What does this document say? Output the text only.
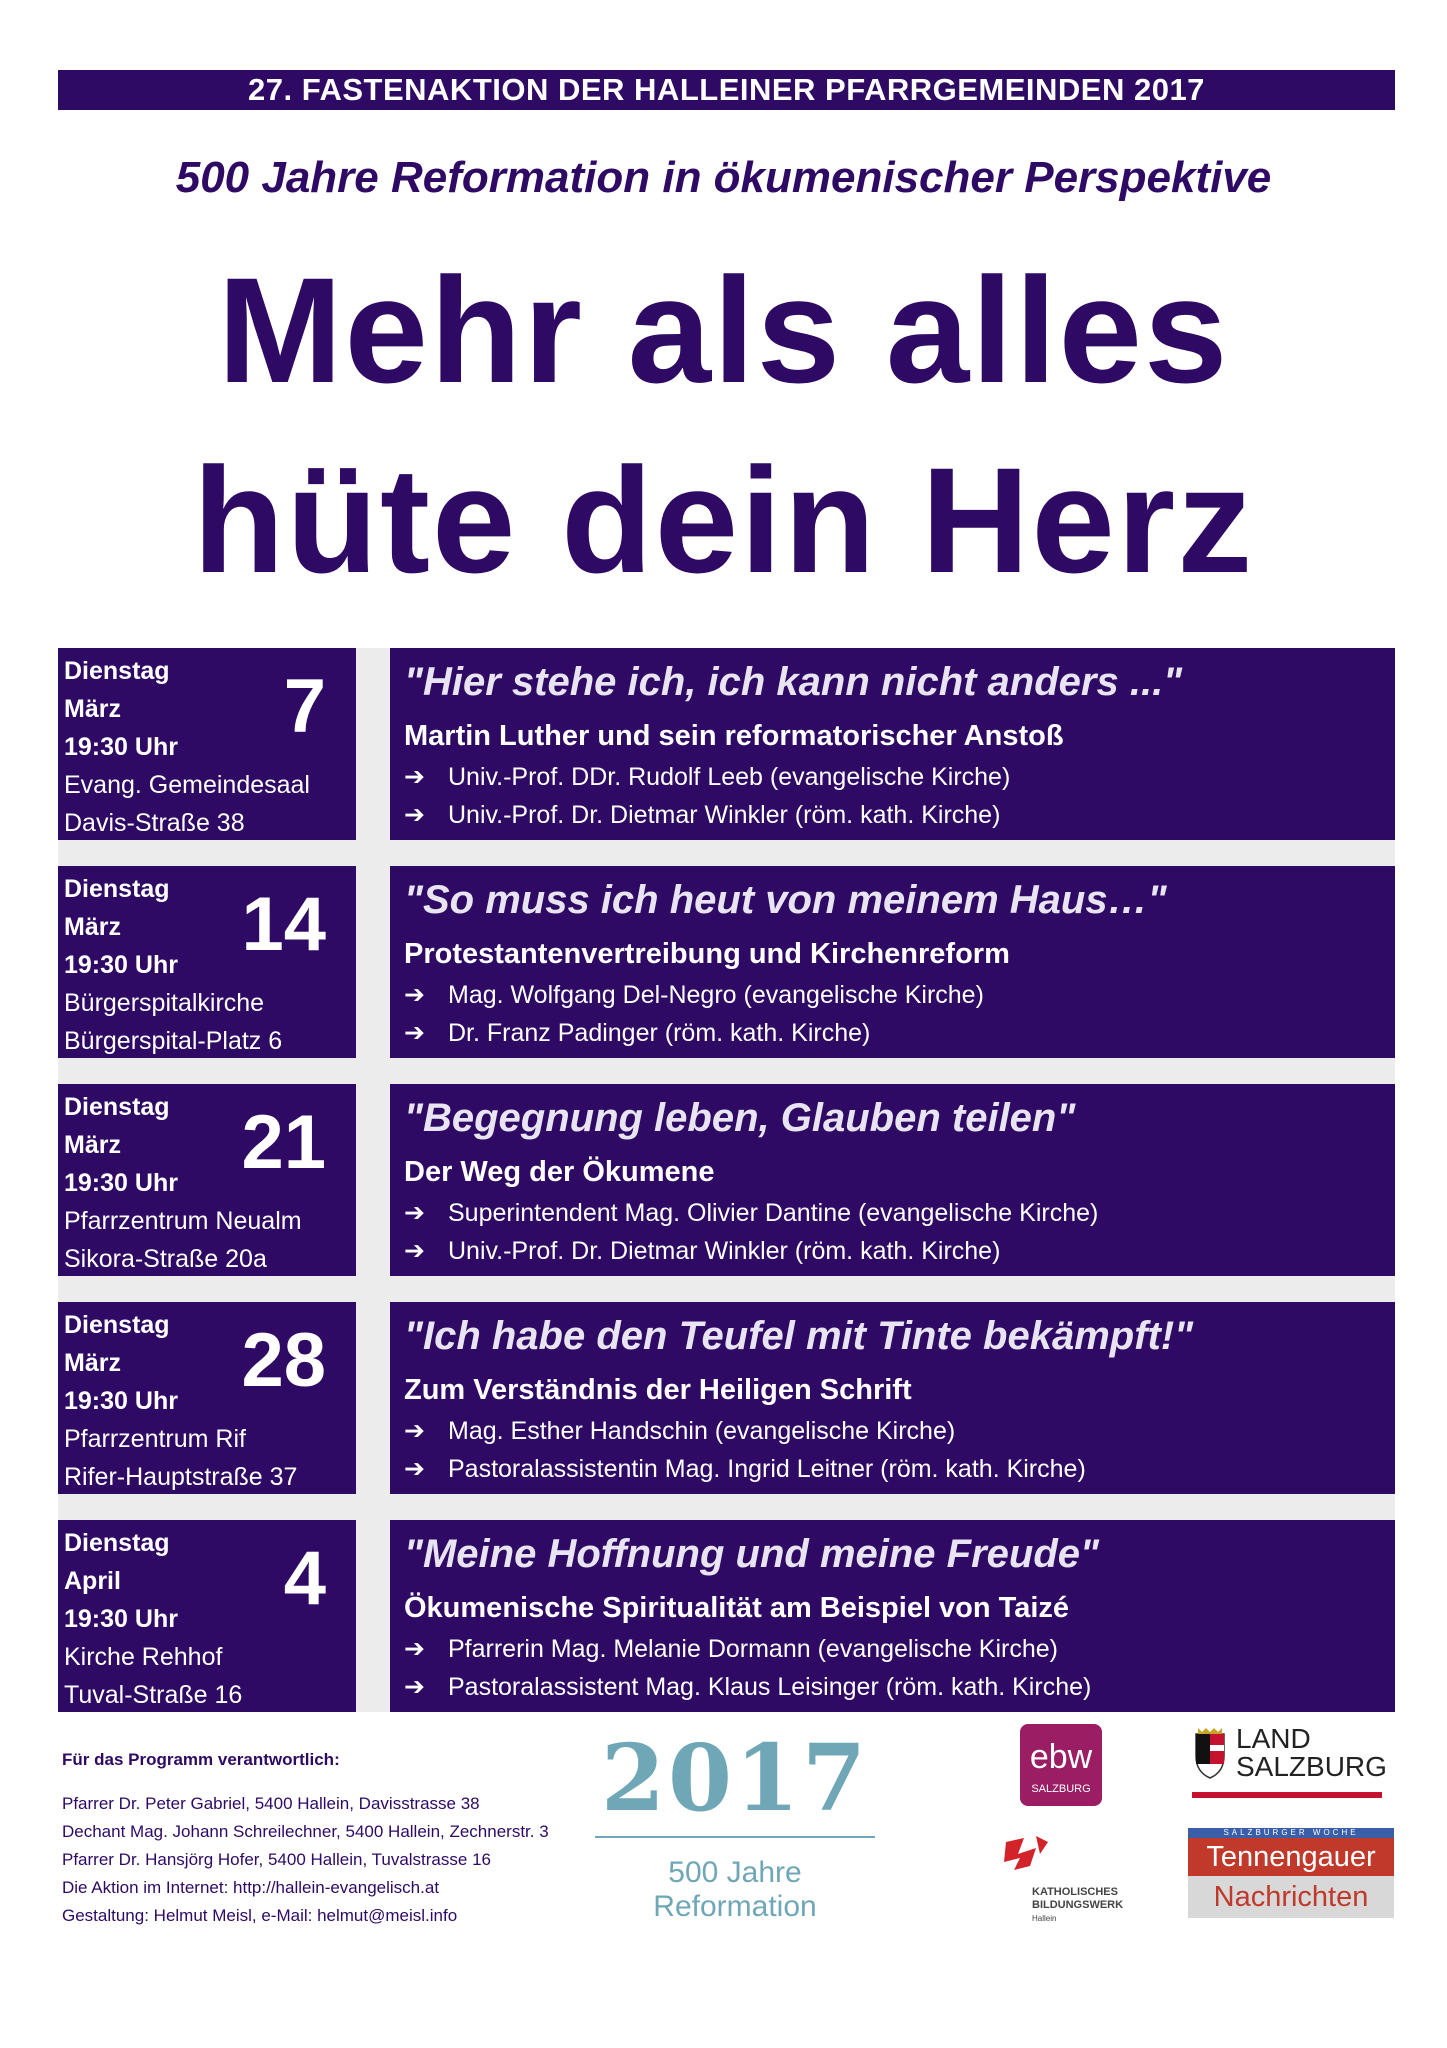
27. FASTENAKTION DER HALLEINER PFARRGEMEINDEN 2017
500 Jahre Reformation in ökumenischer Perspektive
Mehr als alles
hüte dein Herz
Dienstag
März
19:30 Uhr
Evang. Gemeindesaal
Davis-Straße 38
7 "Hier stehe ich, ich kann nicht anders ..."
Martin Luther und sein reformatorischer Anstoß
➔ Univ.-Prof. DDr. Rudolf Leeb (evangelische Kirche)
➔ Univ.-Prof. Dr. Dietmar Winkler (röm. kath. Kirche)
Dienstag
März
19:30 Uhr
Bürgerspitalkirche
Bürgerspital-Platz 6
14 "So muss ich heut von meinem Haus…"
Protestantenvertreibung und Kirchenreform
➔ Mag. Wolfgang Del-Negro (evangelische Kirche)
➔ Dr. Franz Padinger (röm. kath. Kirche)
Dienstag
März
19:30 Uhr
Pfarrzentrum Neualm
Sikora-Straße 20a
21 "Begegnung leben, Glauben teilen"
Der Weg der Ökumene
➔ Superintendent Mag. Olivier Dantine (evangelische Kirche)
➔ Univ.-Prof. Dr. Dietmar Winkler (röm. kath. Kirche)
Dienstag
März
19:30 Uhr
Pfarrzentrum Rif
Rifer-Hauptstraße 37
28 "Ich habe den Teufel mit Tinte bekämpft!"
Zum Verständnis der Heiligen Schrift
➔ Mag. Esther Handschin (evangelische Kirche)
➔ Pastoralassistentin Mag. Ingrid Leitner (röm. kath. Kirche)
Dienstag
April
19:30 Uhr
Kirche Rehhof
Tuval-Straße 16
4 "Meine Hoffnung und meine Freude"
Ökumenische Spiritualität am Beispiel von Taizé
➔ Pfarrerin Mag. Melanie Dormann (evangelische Kirche)
➔ Pastoralassistent Mag. Klaus Leisinger (röm. kath. Kirche)
Für das Programm verantwortlich:
Pfarrer Dr. Peter Gabriel, 5400 Hallein, Davisstrasse 38
Dechant Mag. Johann Schreilechner, 5400 Hallein, Zechnerstr. 3
Pfarrer Dr. Hansjörg Hofer, 5400 Hallein, Tuvalstrasse 16
Die Aktion im Internet: http://hallein-evangelisch.at
Gestaltung: Helmut Meisl, e-Mail: helmut@meisl.info
2017
500 Jahre
Reformation
ebw
SALZBURG
LAND
SALZBURG
KATHOLISCHES
BILDUNGSWERK
Hallein
SALZBURGER WOCHE
Tennengauer
Nachrichten
